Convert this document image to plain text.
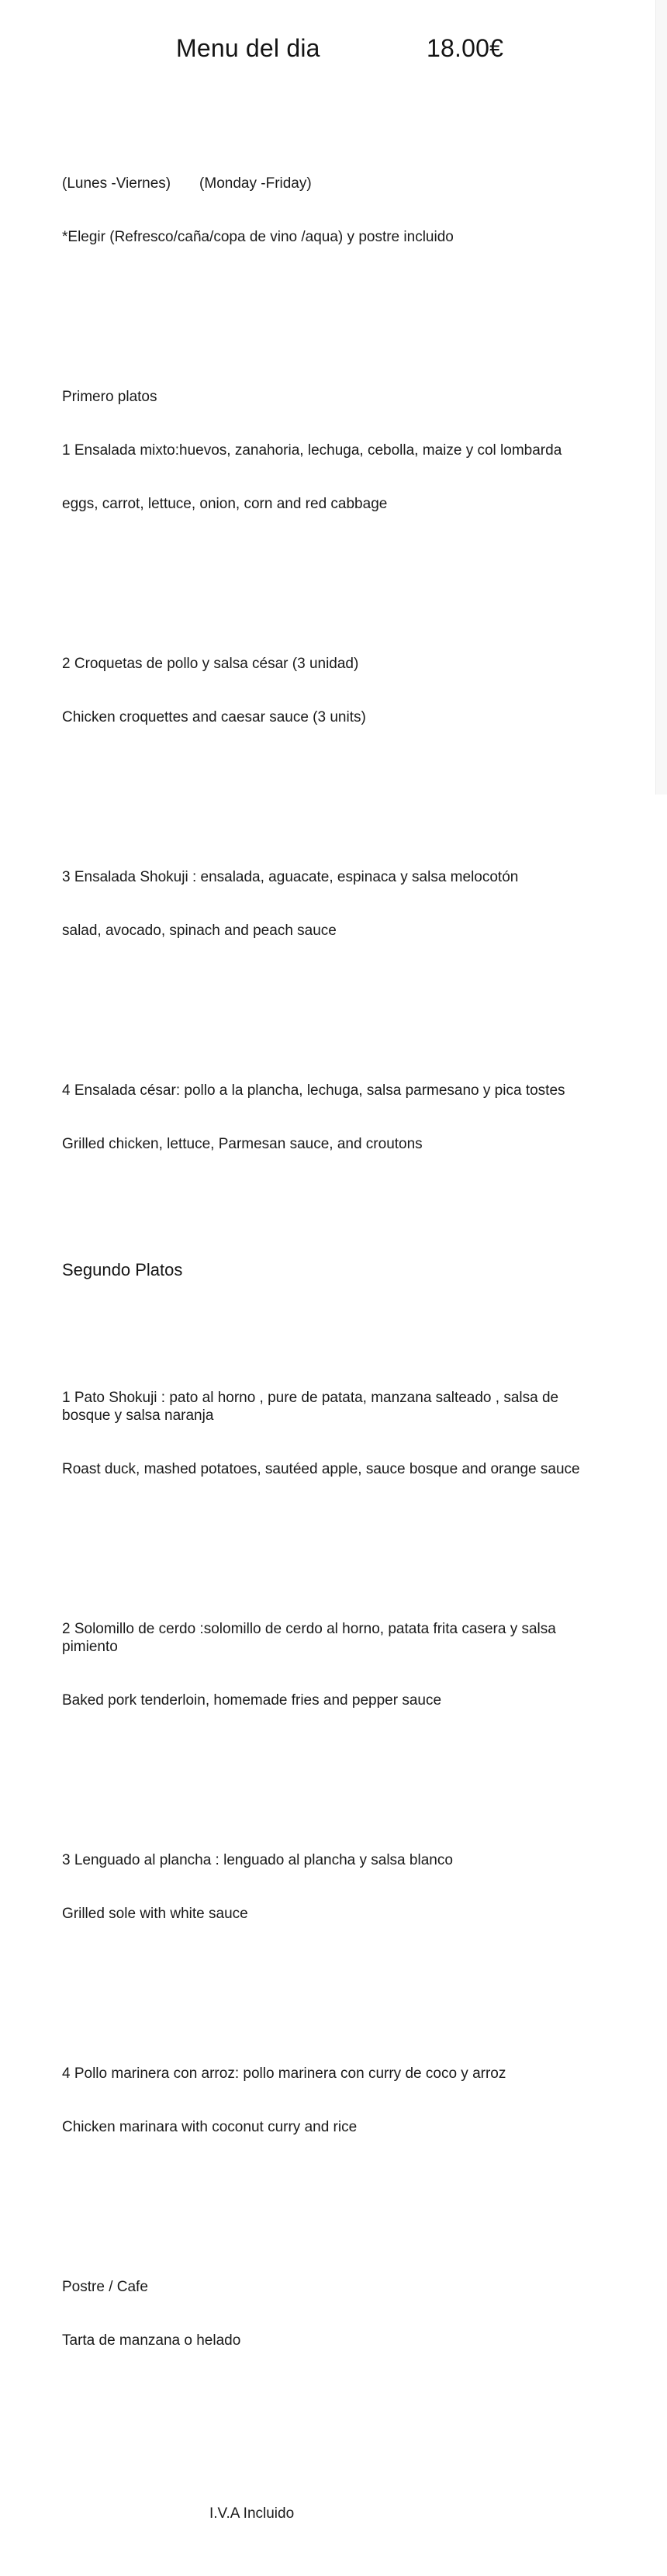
Menu del dia	18.00€

(Lunes -Viernes)       (Monday -Friday)

*Elegir (Refresco/caña/copa de vino /aqua) y postre incluido

Primero platos

1 Ensalada mixto:huevos, zanahoria, lechuga, cebolla, maize y col lombarda

eggs, carrot, lettuce, onion, corn and red cabbage

2 Croquetas de pollo y salsa césar (3 unidad)

Chicken croquettes and caesar sauce (3 units)

3 Ensalada Shokuji : ensalada, aguacate, espinaca y salsa melocotón

salad, avocado, spinach and peach sauce

4 Ensalada césar: pollo a la plancha, lechuga, salsa parmesano y pica tostes

Grilled chicken, lettuce, Parmesan sauce, and croutons

Segundo Platos

1 Pato Shokuji : pato al horno , pure de patata, manzana salteado , salsa de bosque y salsa naranja

Roast duck, mashed potatoes, sautéed apple, sauce bosque and orange sauce

2 Solomillo de cerdo :solomillo de cerdo al horno, patata frita casera y salsa pimiento

Baked pork tenderloin, homemade fries and pepper sauce

3 Lenguado al plancha : lenguado al plancha y salsa blanco

Grilled sole with white sauce

4 Pollo marinera con arroz: pollo marinera con curry de coco y arroz

Chicken marinara with coconut curry and rice

Postre / Cafe

Tarta de manzana o helado

I.V.A Incluido
